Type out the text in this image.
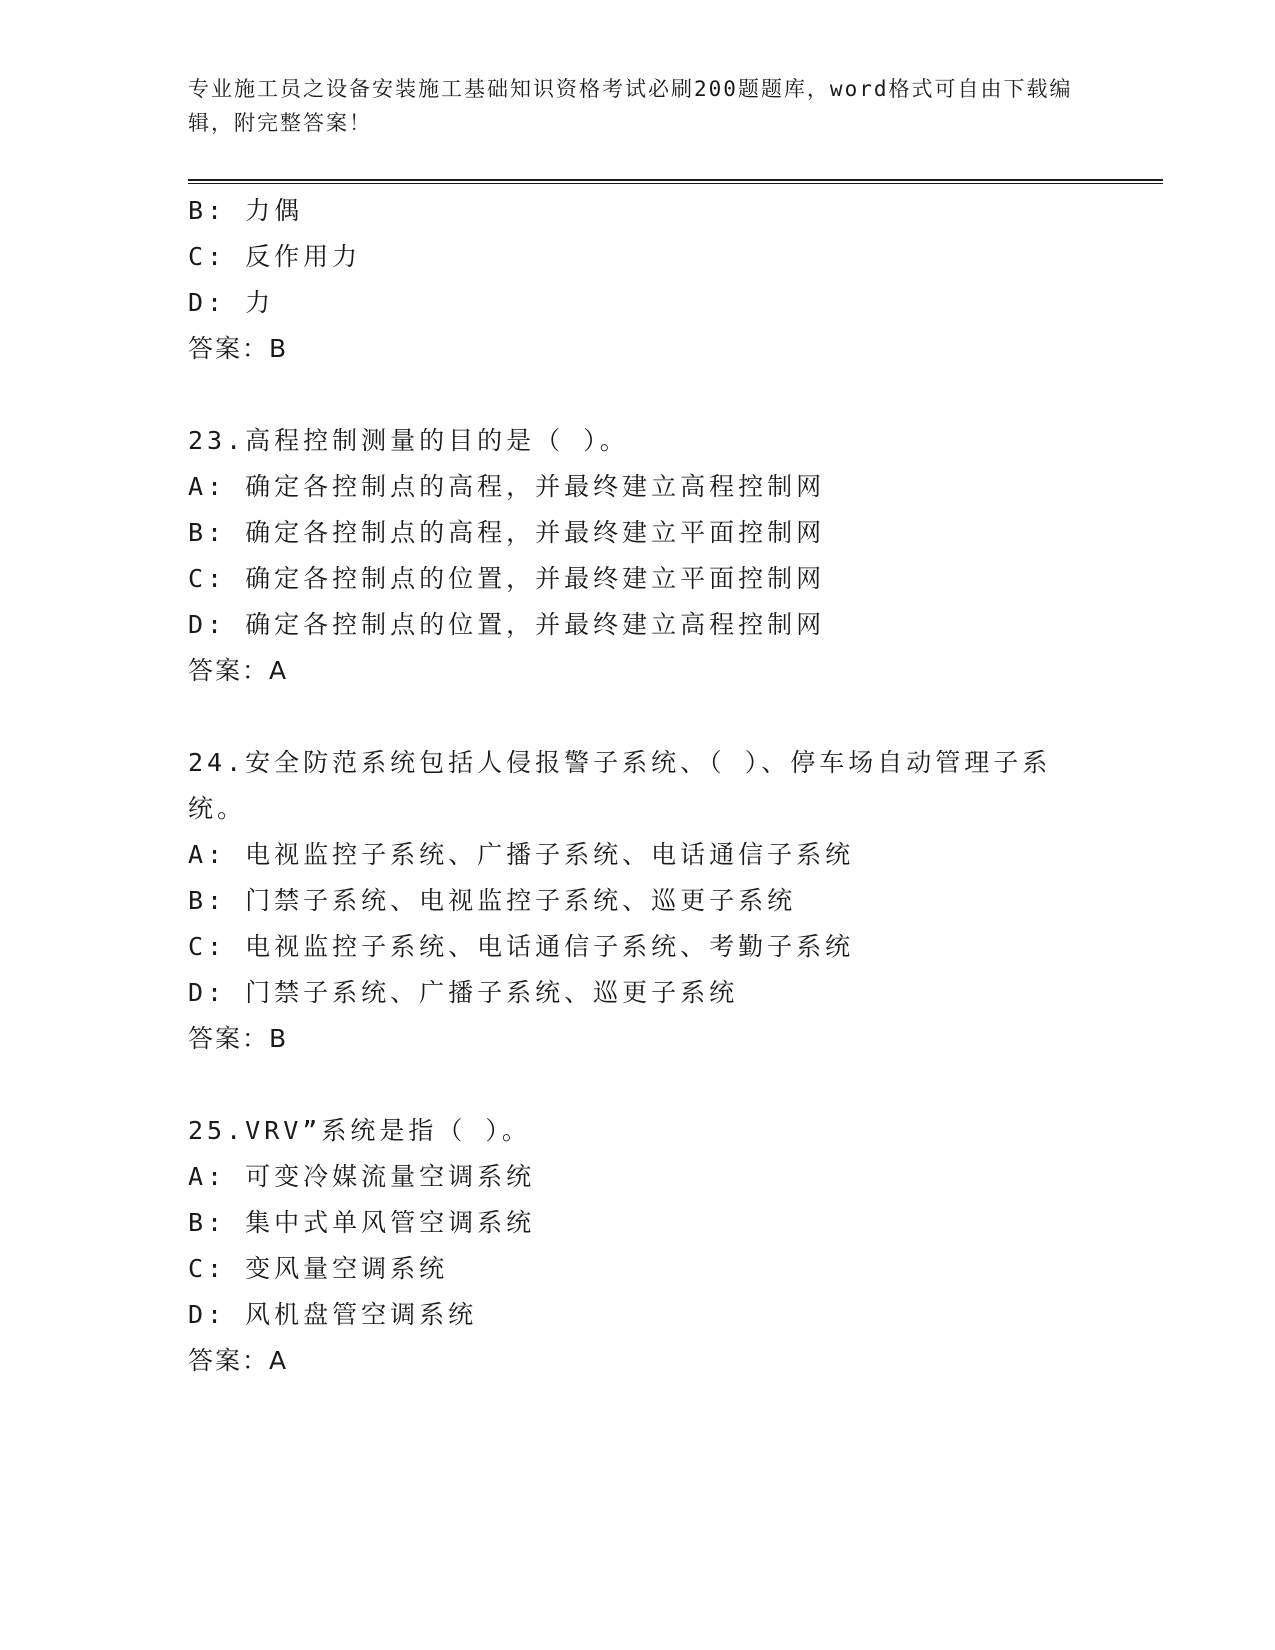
专业施工员之设备安装施工基础知识资格考试必刷200题题库，word格式可自由下载编辑，附完整答案！
B: 力偶
C: 反作用力
D: 力
答案：B
23.高程控制测量的目的是（ ）。
A: 确定各控制点的高程，并最终建立高程控制网
B: 确定各控制点的高程，并最终建立平面控制网
C: 确定各控制点的位置，并最终建立平面控制网
D: 确定各控制点的位置，并最终建立高程控制网
答案：A
24.安全防范系统包括人侵报警子系统、（ ）、停车场自动管理子系统。
A: 电视监控子系统、广播子系统、电话通信子系统
B: 门禁子系统、电视监控子系统、巡更子系统
C: 电视监控子系统、电话通信子系统、考勤子系统
D: 门禁子系统、广播子系统、巡更子系统
答案：B
25.VRV”系统是指（ ）。
A: 可变冷媒流量空调系统
B: 集中式单风管空调系统
C: 变风量空调系统
D: 风机盘管空调系统
答案：A
